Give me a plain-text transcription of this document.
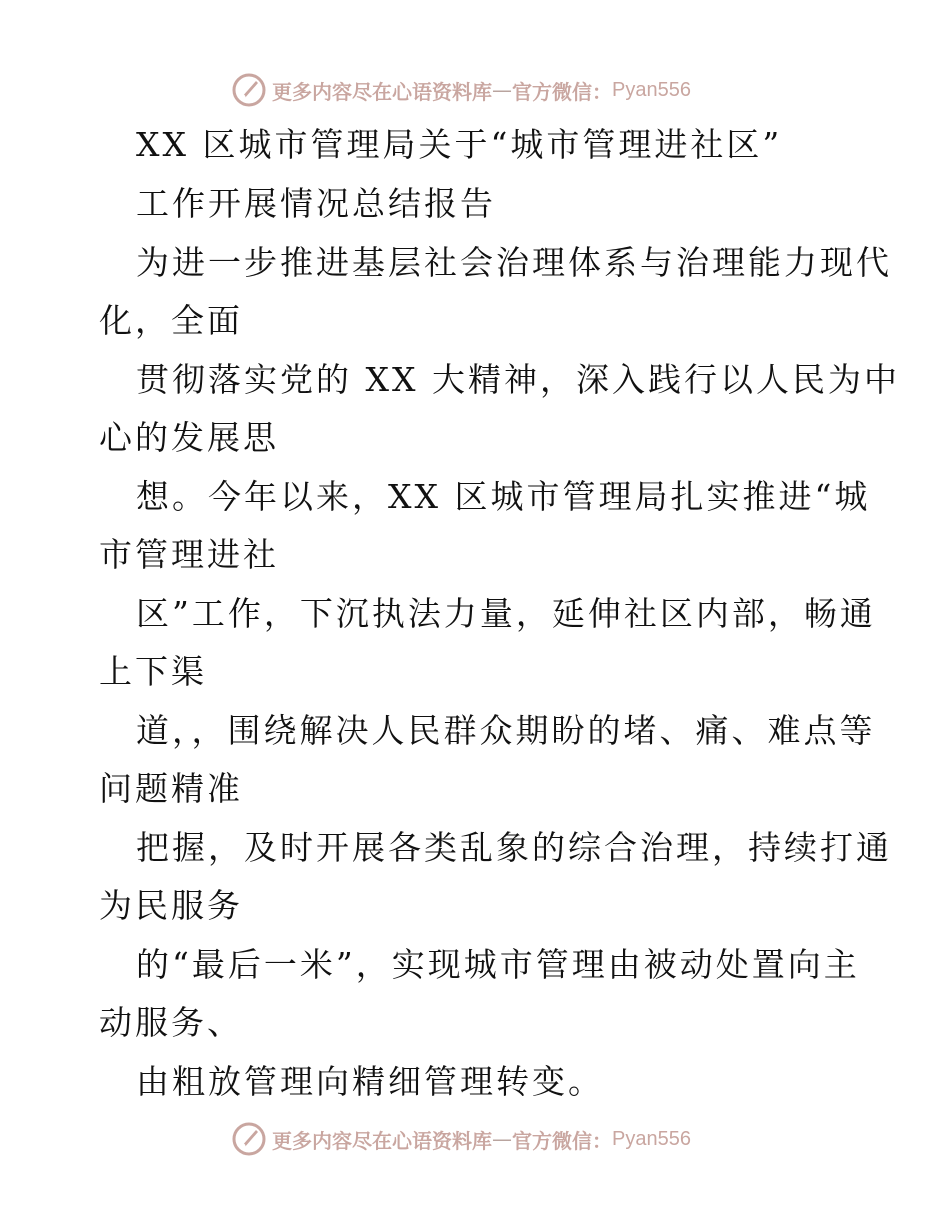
更多内容尽在心语资料库 — 官方微信： Pyan556
XX 区城市管理局关于“城市管理进社区”
工作开展情况总结报告
为进一步推进基层社会治理体系与治理能力现代
化，全面
贯彻落实党的 XX 大精神，深入践行以人民为中
心的发展思
想。今年以来，XX 区城市管理局扎实推进“城
市管理进社
区”工作，下沉执法力量，延伸社区内部，畅通
上下渠
道，，围绕解决人民群众期盼的堵、痛、难点等
问题精准
把握，及时开展各类乱象的综合治理，持续打通
为民服务
的“最后一米”，实现城市管理由被动处置向主
动服务、
由粗放管理向精细管理转变。
更多内容尽在心语资料库 — 官方微信： Pyan556
